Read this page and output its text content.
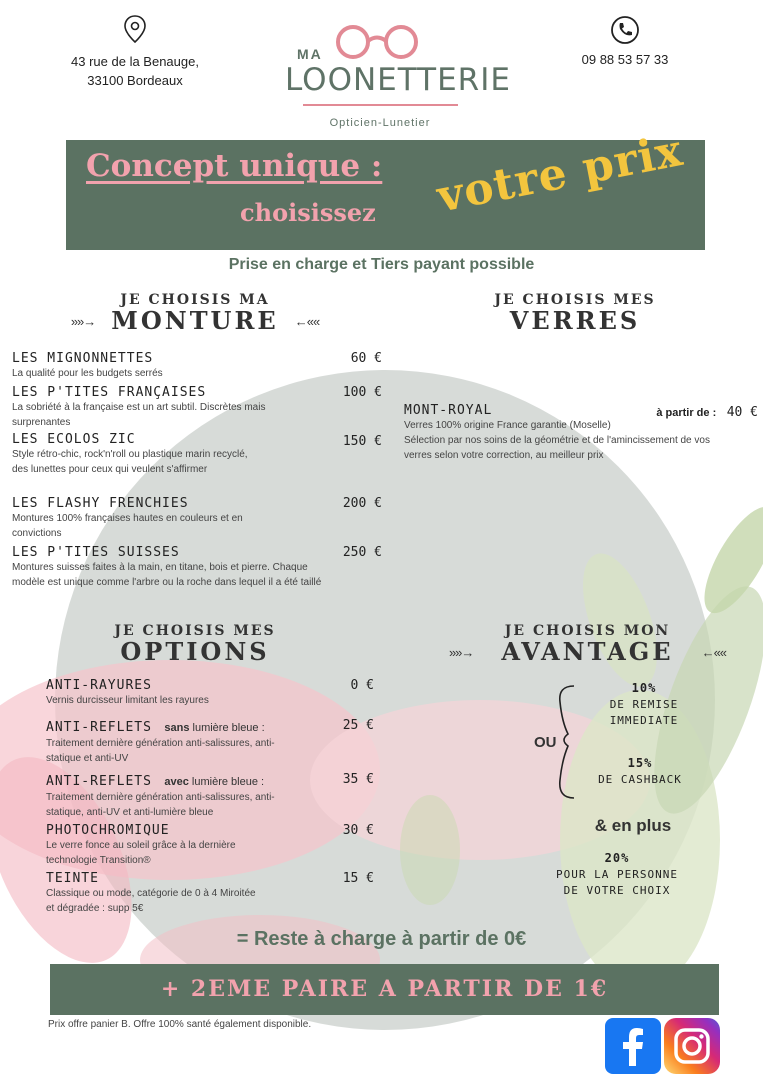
43 rue de la Benauge,
33100 Bordeaux
MA
LOONETTERIE
Opticien-Lunetier
09 88 53 57 33
Concept unique :
choisissez votre prix
Prise en charge et Tiers payant possible
JE CHOISIS MA
»»→ MONTURE ←««
JE CHOISIS MES
VERRES
LES MIGNONNETTES	60 €
La qualité pour les budgets serrés
LES P'TITES FRANÇAISES	100 €
La sobriété à la française est un art subtil. Discrètes mais surprenantes
LES ECOLOS ZIC	150 €
Style rétro-chic, rock'n'roll ou plastique marin recyclé, des lunettes pour ceux qui veulent s'affirmer
LES FLASHY FRENCHIES	200 €
Montures 100% françaises hautes en couleurs et en convictions
LES P'TITES SUISSES	250 €
Montures suisses faites à la main, en titane, bois et pierre. Chaque modèle est unique comme l'arbre ou la roche dans lequel il a été taillé
MONT-ROYAL	à partir de : 40 €
Verres 100% origine France garantie (Moselle)
Sélection par nos soins de la géométrie et de l'amincissement de vos verres selon votre correction, au meilleur prix
JE CHOISIS MES
OPTIONS
JE CHOISIS MON
»»→ AVANTAGE ←««
ANTI-RAYURES	0 €
Vernis durcisseur limitant les rayures
ANTI-REFLETS sans lumière bleue :	25 €
Traitement dernière génération anti-salissures, anti-statique et anti-UV
ANTI-REFLETS avec lumière bleue :	35 €
Traitement dernière génération anti-salissures, anti-statique, anti-UV et anti-lumière bleue
PHOTOCHROMIQUE	30 €
Le verre fonce au soleil grâce à la dernière technologie Transition®
TEINTE	15 €
Classique ou mode, catégorie de 0 à 4 Miroitée et dégradée : supp 5€
OU
10%
DE REMISE
IMMEDIATE
15%
DE CASHBACK
& en plus
20%
POUR LA PERSONNE
DE VOTRE CHOIX
= Reste à charge à partir de 0€
+ 2EME PAIRE A PARTIR DE 1€
Prix offre panier B. Offre 100% santé également disponible.
